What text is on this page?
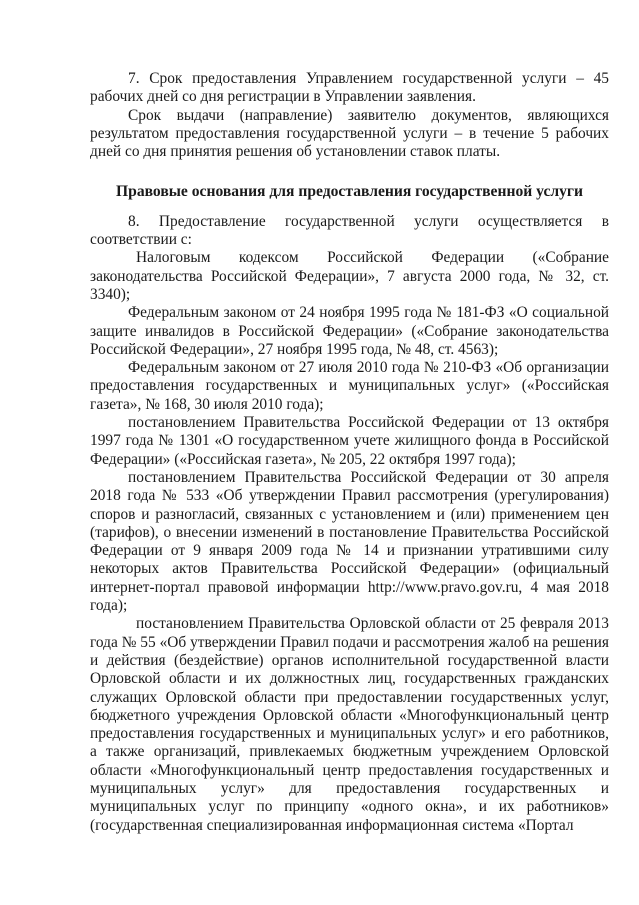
7. Срок предоставления Управлением государственной услуги – 45 рабочих дней со дня регистрации в Управлении заявления.

Срок выдачи (направление) заявителю документов, являющихся результатом предоставления государственной услуги – в течение 5 рабочих дней со дня принятия решения об установлении ставок платы.

Правовые основания для предоставления государственной услуги

8. Предоставление государственной услуги осуществляется в соответствии с:

Налоговым кодексом Российской Федерации («Собрание законодательства Российской Федерации», 7 августа 2000 года, № 32, ст. 3340);

Федеральным законом от 24 ноября 1995 года № 181-ФЗ «О социальной защите инвалидов в Российской Федерации» («Собрание законодательства Российской Федерации», 27 ноября 1995 года, № 48, ст. 4563);

Федеральным законом от 27 июля 2010 года № 210-ФЗ «Об организации предоставления государственных и муниципальных услуг» («Российская газета», № 168, 30 июля 2010 года);

постановлением Правительства Российской Федерации от 13 октября 1997 года № 1301 «О государственном учете жилищного фонда в Российской Федерации» («Российская газета», № 205, 22 октября 1997 года);

постановлением Правительства Российской Федерации от 30 апреля 2018 года № 533 «Об утверждении Правил рассмотрения (урегулирования) споров и разногласий, связанных с установлением и (или) применением цен (тарифов), о внесении изменений в постановление Правительства Российской Федерации от 9 января 2009 года № 14 и признании утратившими силу некоторых актов Правительства Российской Федерации» (официальный интернет-портал правовой информации http://www.pravo.gov.ru, 4 мая 2018 года);

постановлением Правительства Орловской области от 25 февраля 2013 года № 55 «Об утверждении Правил подачи и рассмотрения жалоб на решения и действия (бездействие) органов исполнительной государственной власти Орловской области и их должностных лиц, государственных гражданских служащих Орловской области при предоставлении государственных услуг, бюджетного учреждения Орловской области «Многофункциональный центр предоставления государственных и муниципальных услуг» и его работников, а также организаций, привлекаемых бюджетным учреждением Орловской области «Многофункциональный центр предоставления государственных и муниципальных услуг» для предоставления государственных и муниципальных услуг по принципу «одного окна», и их работников» (государственная специализированная информационная система «Портал
